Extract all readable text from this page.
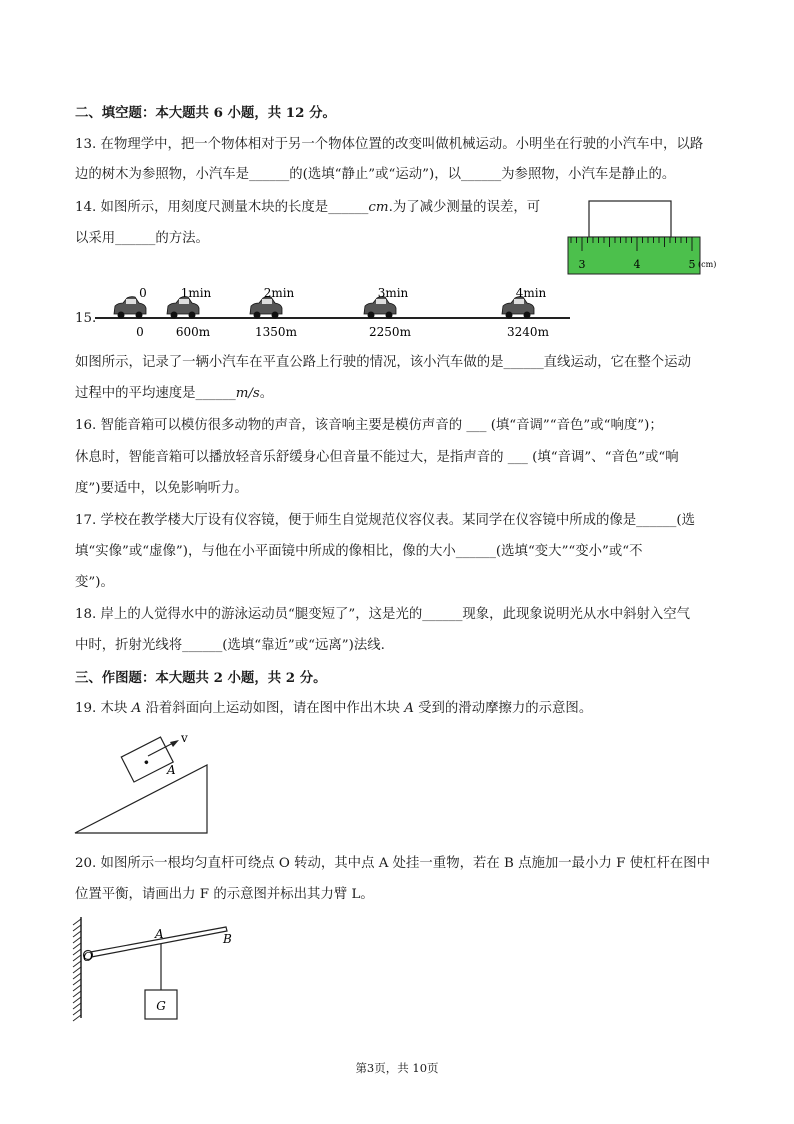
二、填空题：本大题共 6 小题，共 12 分。
13. 在物理学中，把一个物体相对于另一个物体位置的改变叫做机械运动。小明坐在行驶的小汽车中，以路
边的树木为参照物，小汽车是______的(选填“静止”或“运动”)，以______为参照物，小汽车是静止的。
14. 如图所示，用刻度尺测量木块的长度是______cm.为了减少测量的误差，可
以采用______的方法。
3	4	5 (cm)
15.
0	1min	2min	3min	4min
0	600m	1350m	2250m	3240m
如图所示，记录了一辆小汽车在平直公路上行驶的情况，该小汽车做的是______直线运动，它在整个运动
过程中的平均速度是______m/s。
16. 智能音箱可以模仿很多动物的声音，该音响主要是模仿声音的 ___ (填“音调”“音色”或“响度”)；
休息时，智能音箱可以播放轻音乐舒缓身心但音量不能过大，是指声音的 ___ (填“音调”、“音色”或“响
度”)要适中，以免影响听力。
17. 学校在教学楼大厅设有仪容镜，便于师生自觉规范仪容仪表。某同学在仪容镜中所成的像是______(选
填“实像”或“虚像”)，与他在小平面镜中所成的像相比，像的大小______(选填“变大”“变小”或“不
变”)。
18. 岸上的人觉得水中的游泳运动员“腿变短了”，这是光的______现象，此现象说明光从水中斜射入空气
中时，折射光线将______(选填“靠近”或“远离”)法线.
三、作图题：本大题共 2 小题，共 2 分。
19. 木块 A 沿着斜面向上运动如图，请在图中作出木块 A 受到的滑动摩擦力的示意图。
A
v
20. 如图所示一根均匀直杆可绕点 O 转动，其中点 A 处挂一重物，若在 B 点施加一最小力 F 使杠杆在图中
位置平衡，请画出力 F 的示意图并标出其力臂 L。
O
A	B
G
第3页，共 10页
